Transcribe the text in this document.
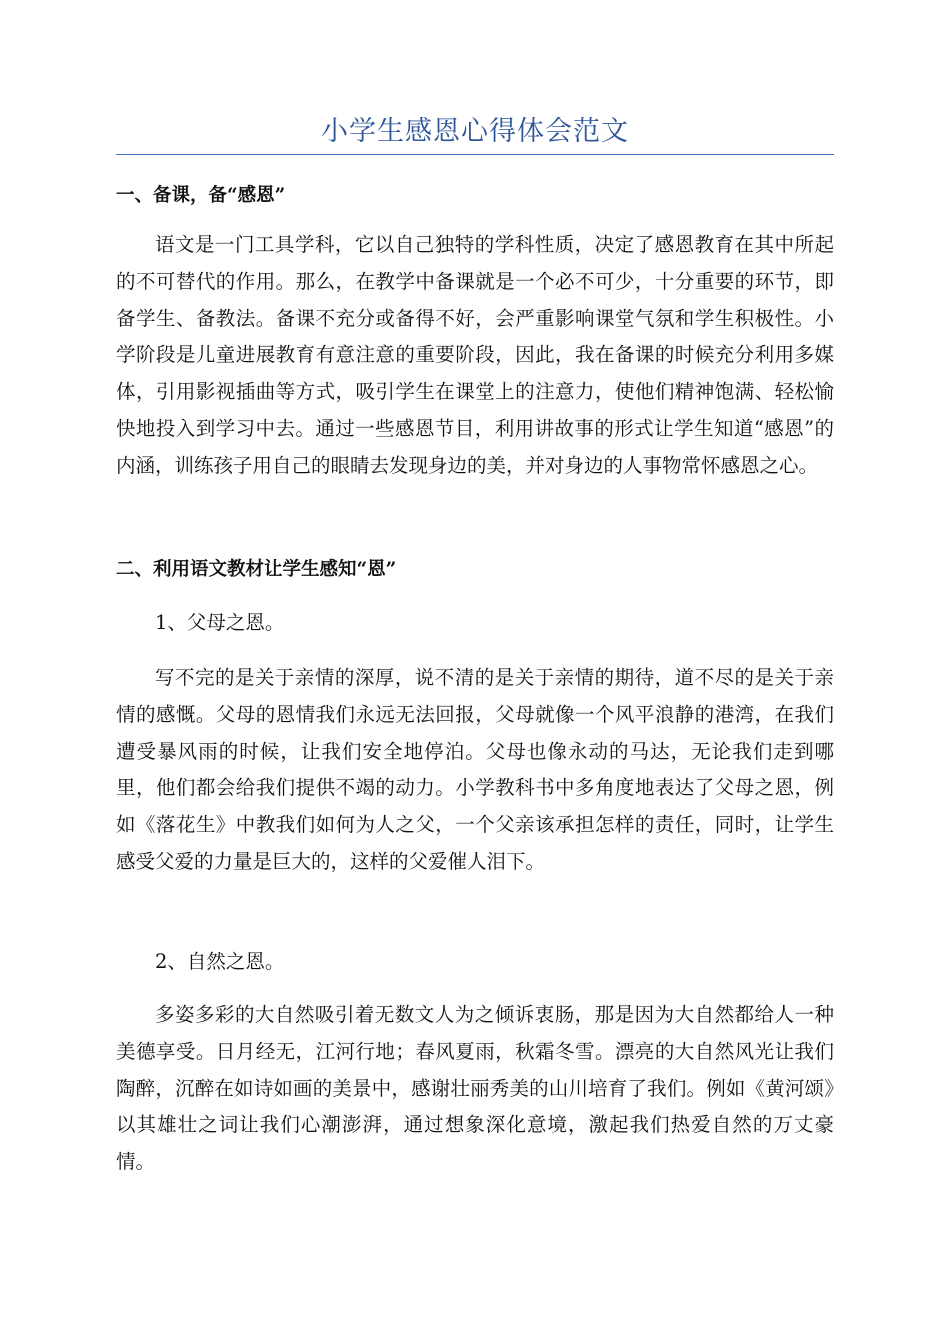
小学生感恩心得体会范文
一、备课，备“感恩”
语文是一门工具学科，它以自己独特的学科性质，决定了感恩教育在其中所起的不可替代的作用。那么，在教学中备课就是一个必不可少，十分重要的环节，即备学生、备教法。备课不充分或备得不好，会严重影响课堂气氛和学生积极性。小学阶段是儿童进展教育有意注意的重要阶段，因此，我在备课的时候充分利用多媒体，引用影视插曲等方式，吸引学生在课堂上的注意力，使他们精神饱满、轻松愉快地投入到学习中去。通过一些感恩节目，利用讲故事的形式让学生知道“感恩”的内涵，训练孩子用自己的眼睛去发现身边的美，并对身边的人事物常怀感恩之心。
二、利用语文教材让学生感知“恩”
1、父母之恩。
写不完的是关于亲情的深厚，说不清的是关于亲情的期待，道不尽的是关于亲情的感慨。父母的恩情我们永远无法回报，父母就像一个风平浪静的港湾，在我们遭受暴风雨的时候，让我们安全地停泊。父母也像永动的马达，无论我们走到哪里，他们都会给我们提供不竭的动力。小学教科书中多角度地表达了父母之恩，例如《落花生》中教我们如何为人之父，一个父亲该承担怎样的责任，同时，让学生感受父爱的力量是巨大的，这样的父爱催人泪下。
2、自然之恩。
多姿多彩的大自然吸引着无数文人为之倾诉衷肠，那是因为大自然都给人一种美德享受。日月经无，江河行地；春风夏雨，秋霜冬雪。漂亮的大自然风光让我们陶醉，沉醉在如诗如画的美景中，感谢壮丽秀美的山川培育了我们。例如《黄河颂》以其雄壮之词让我们心潮澎湃，通过想象深化意境，激起我们热爱自然的万丈豪情。
